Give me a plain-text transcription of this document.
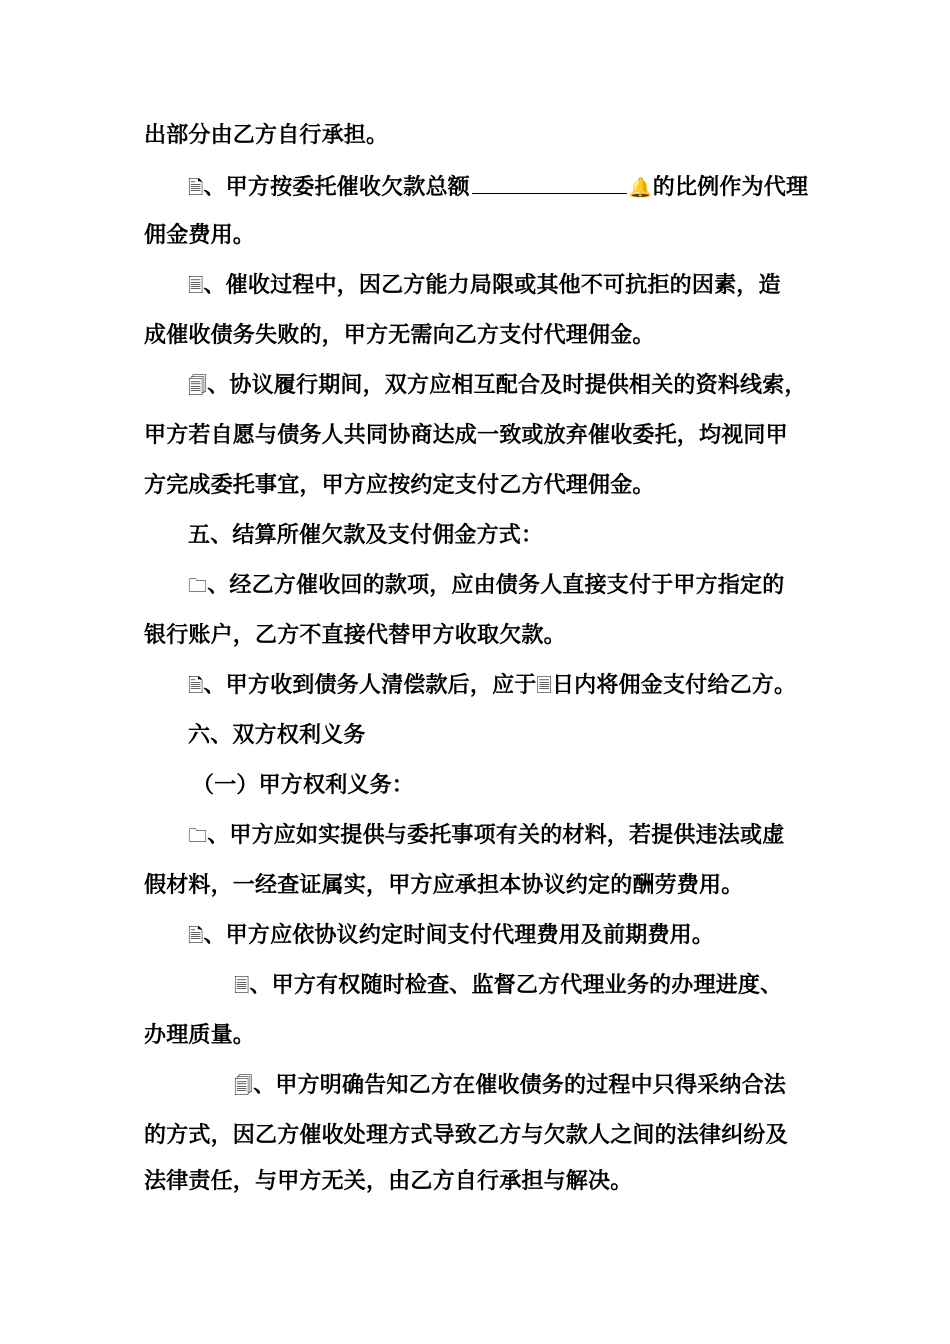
出部分由乙方自行承担。
🗎、甲方按委托催收欠款总额	🔔的比例作为代理
佣金费用。
🗏、催收过程中，因乙方能力局限或其他不可抗拒的因素，造
成催收债务失败的，甲方无需向乙方支付代理佣金。
🗐、协议履行期间，双方应相互配合及时提供相关的资料线索，
甲方若自愿与债务人共同协商达成一致或放弃催收委托，均视同甲
方完成委托事宜，甲方应按约定支付乙方代理佣金。
五、结算所催欠款及支付佣金方式：
🗀、经乙方催收回的款项，应由债务人直接支付于甲方指定的
银行账户，乙方不直接代替甲方收取欠款。
🗎、甲方收到债务人清偿款后，应于🗏日内将佣金支付给乙方。
六、双方权利义务
（一）甲方权利义务：
🗀、甲方应如实提供与委托事项有关的材料，若提供违法或虚
假材料，一经查证属实，甲方应承担本协议约定的酬劳费用。
🗎、甲方应依协议约定时间支付代理费用及前期费用。
🗏、甲方有权随时检查、监督乙方代理业务的办理进度、
办理质量。
🗐、甲方明确告知乙方在催收债务的过程中只得采纳合法
的方式，因乙方催收处理方式导致乙方与欠款人之间的法律纠纷及
法律责任，与甲方无关，由乙方自行承担与解决。
